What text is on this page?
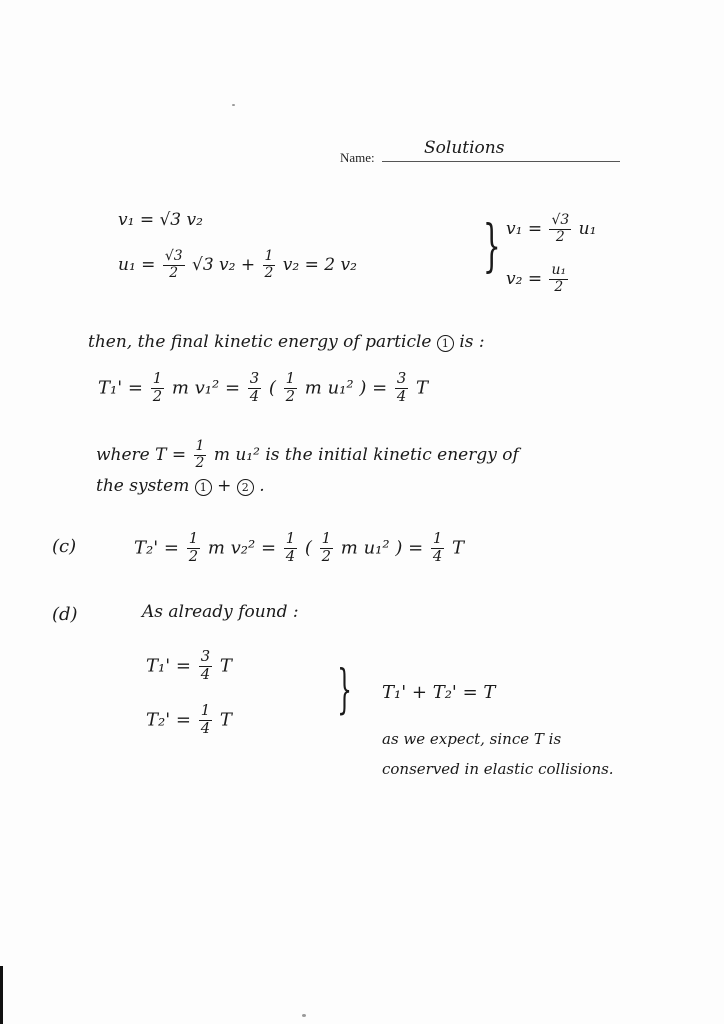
Name:	Solutions
v₁ = √3 v₂
$u_1 = \frac{√3}{2} √3$ $v_2 + \frac{1}{2} v_2 = 2$ v₂ } $v_1 = \frac{√3}{2} u_1$
$v_2 = \frac{\text{u₁}}{2}$
then, the final kinetic energy of particle 1 is :
$T_1' = \frac{1}{2}$ m $v_1^2 = \frac{3}{4}$ ( $\frac{1}{2}$ m u₁² ) = $\frac{3}{4}$ T
where $T = \frac{1}{2}$ m u₁² is the initial kinetic energy of
the system 1 + 2 .
(c)	$T_2' = \frac{1}{2}$ m $v_2^2 = \frac{1}{4}$ ( $\frac{1}{2}$ m u₁² ) = $\frac{1}{4}$ T
(d)	As already found :
$T_1' = \frac{3}{4}$ T
$T_2' = \frac{1}{4}$ T } T₁' + T₂' = T
as we expect, since T is
conserved in elastic collisions.
